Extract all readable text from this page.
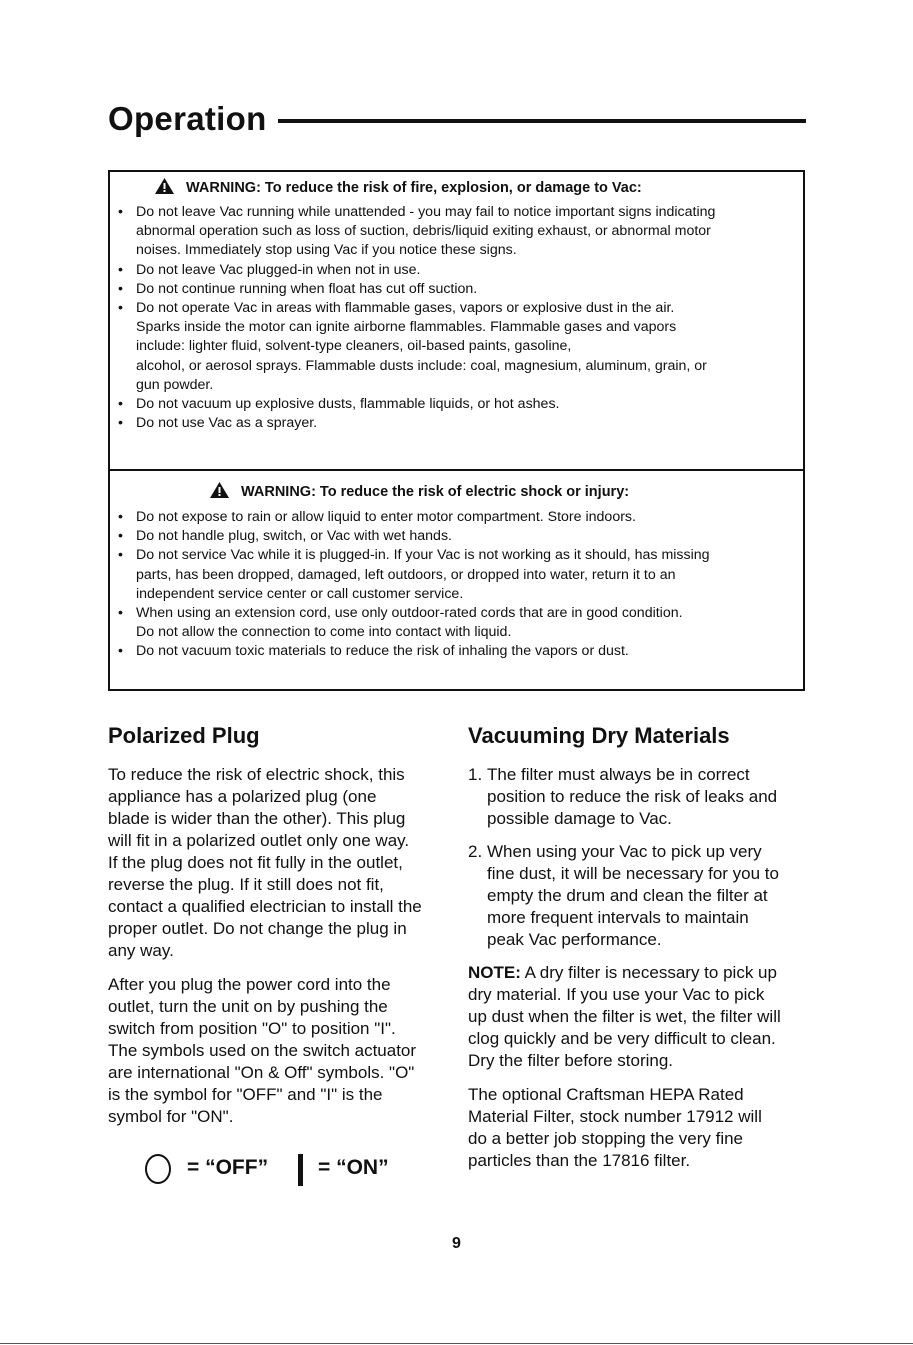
Operation
WARNING: To reduce the risk of fire, explosion, or damage to Vac:
• Do not leave Vac running while unattended - you may fail to notice important signs indicating
abnormal operation such as loss of suction, debris/liquid exiting exhaust, or abnormal motor
noises. Immediately stop using Vac if you notice these signs.
• Do not leave Vac plugged-in when not in use.
• Do not continue running when float has cut off suction.
• Do not operate Vac in areas with flammable gases, vapors or explosive dust in the air.
Sparks inside the motor can ignite airborne flammables. Flammable gases and vapors
include: lighter fluid, solvent-type cleaners, oil-based paints, gasoline,
alcohol, or aerosol sprays. Flammable dusts include: coal, magnesium, aluminum, grain, or
gun powder.
• Do not vacuum up explosive dusts, flammable liquids, or hot ashes.
• Do not use Vac as a sprayer.
WARNING: To reduce the risk of electric shock or injury:
• Do not expose to rain or allow liquid to enter motor compartment. Store indoors.
• Do not handle plug, switch, or Vac with wet hands.
• Do not service Vac while it is plugged-in. If your Vac is not working as it should, has missing
parts, has been dropped, damaged, left outdoors, or dropped into water, return it to an
independent service center or call customer service.
• When using an extension cord, use only outdoor-rated cords that are in good condition.
Do not allow the connection to come into contact with liquid.
• Do not vacuum toxic materials to reduce the risk of inhaling the vapors or dust.
Polarized Plug

To reduce the risk of electric shock, this
appliance has a polarized plug (one
blade is wider than the other). This plug
will fit in a polarized outlet only one way.
If the plug does not fit fully in the outlet,
reverse the plug. If it still does not fit,
contact a qualified electrician to install the
proper outlet. Do not change the plug in
any way.

After you plug the power cord into the
outlet, turn the unit on by pushing the
switch from position "O" to position "I".
The symbols used on the switch actuator
are international "On & Off" symbols. "O"
is the symbol for "OFF" and "I" is the
symbol for "ON".

= “OFF” = “ON”
Vacuuming Dry Materials
1. The filter must always be in correct
position to reduce the risk of leaks and
possible damage to Vac.
2. When using your Vac to pick up very
fine dust, it will be necessary for you to
empty the drum and clean the filter at
more frequent intervals to maintain
peak Vac performance.

NOTE: A dry filter is necessary to pick up
dry material. If you use your Vac to pick
up dust when the filter is wet, the filter will
clog quickly and be very difficult to clean.
Dry the filter before storing.

The optional Craftsman HEPA Rated
Material Filter, stock number 17912 will
do a better job stopping the very fine
particles than the 17816 filter.

9
